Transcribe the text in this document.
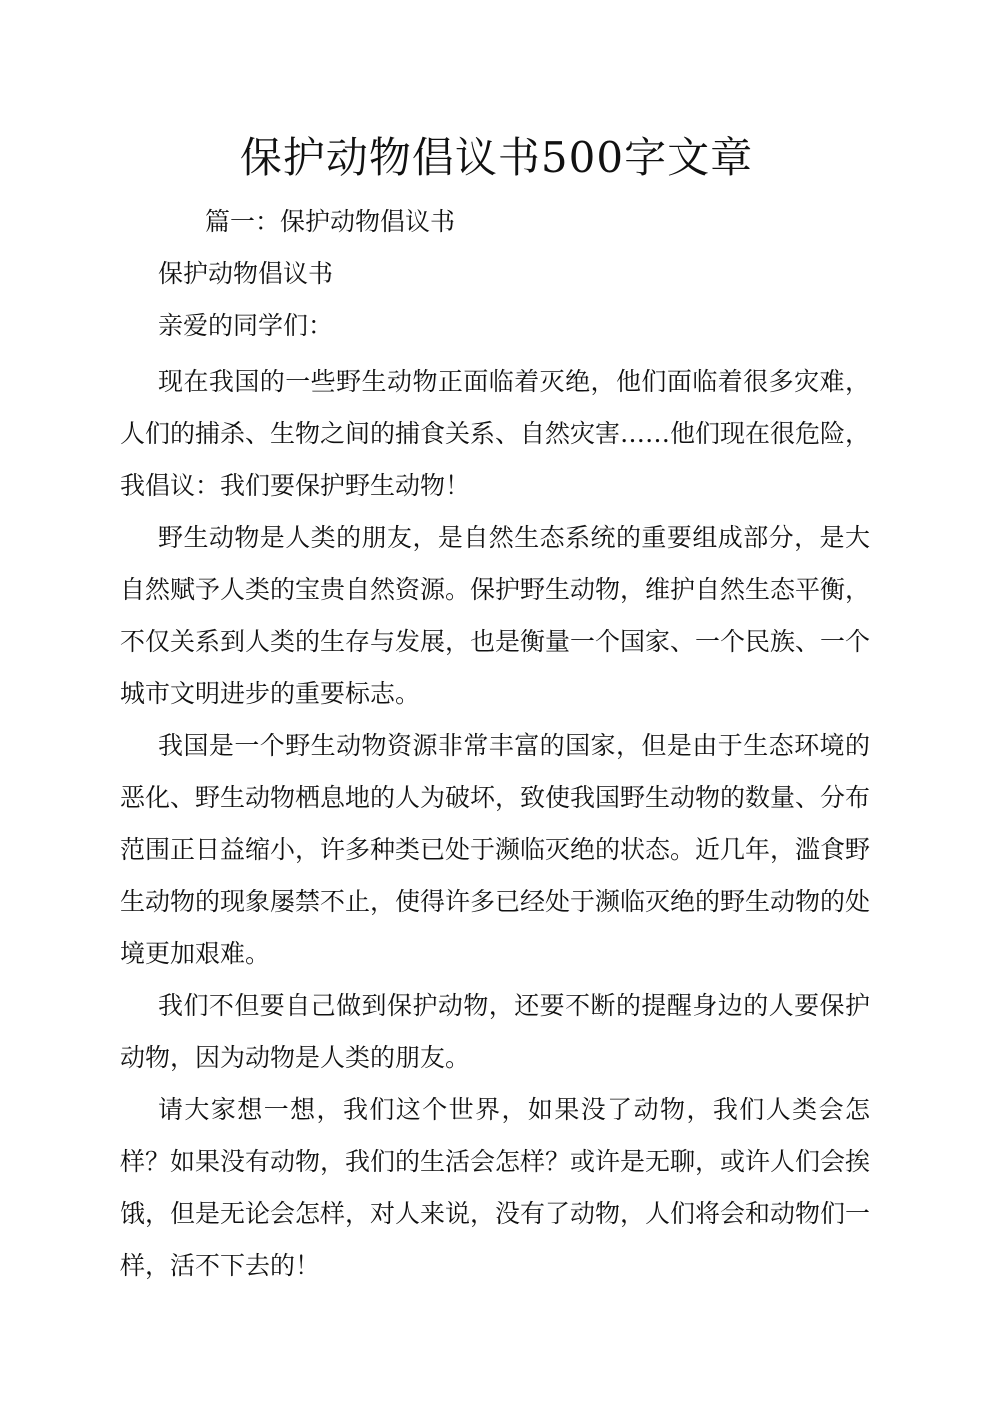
保护动物倡议书500字文章

篇一：保护动物倡议书

保护动物倡议书

亲爱的同学们：

现在我国的一些野生动物正面临着灭绝，他们面临着很多灾难，人们的捕杀、生物之间的捕食关系、自然灾害……他们现在很危险，我倡议：我们要保护野生动物！

野生动物是人类的朋友，是自然生态系统的重要组成部分，是大自然赋予人类的宝贵自然资源。保护野生动物，维护自然生态平衡，不仅关系到人类的生存与发展，也是衡量一个国家、一个民族、一个城市文明进步的重要标志。

我国是一个野生动物资源非常丰富的国家，但是由于生态环境的恶化、野生动物栖息地的人为破坏，致使我国野生动物的数量、分布范围正日益缩小，许多种类已处于濒临灭绝的状态。近几年，滥食野生动物的现象屡禁不止，使得许多已经处于濒临灭绝的野生动物的处境更加艰难。

我们不但要自己做到保护动物，还要不断的提醒身边的人要保护动物，因为动物是人类的朋友。

请大家想一想，我们这个世界，如果没了动物，我们人类会怎样？如果没有动物，我们的生活会怎样？或许是无聊，或许人们会挨饿，但是无论会怎样，对人来说，没有了动物，人们将会和动物们一样，活不下去的！
